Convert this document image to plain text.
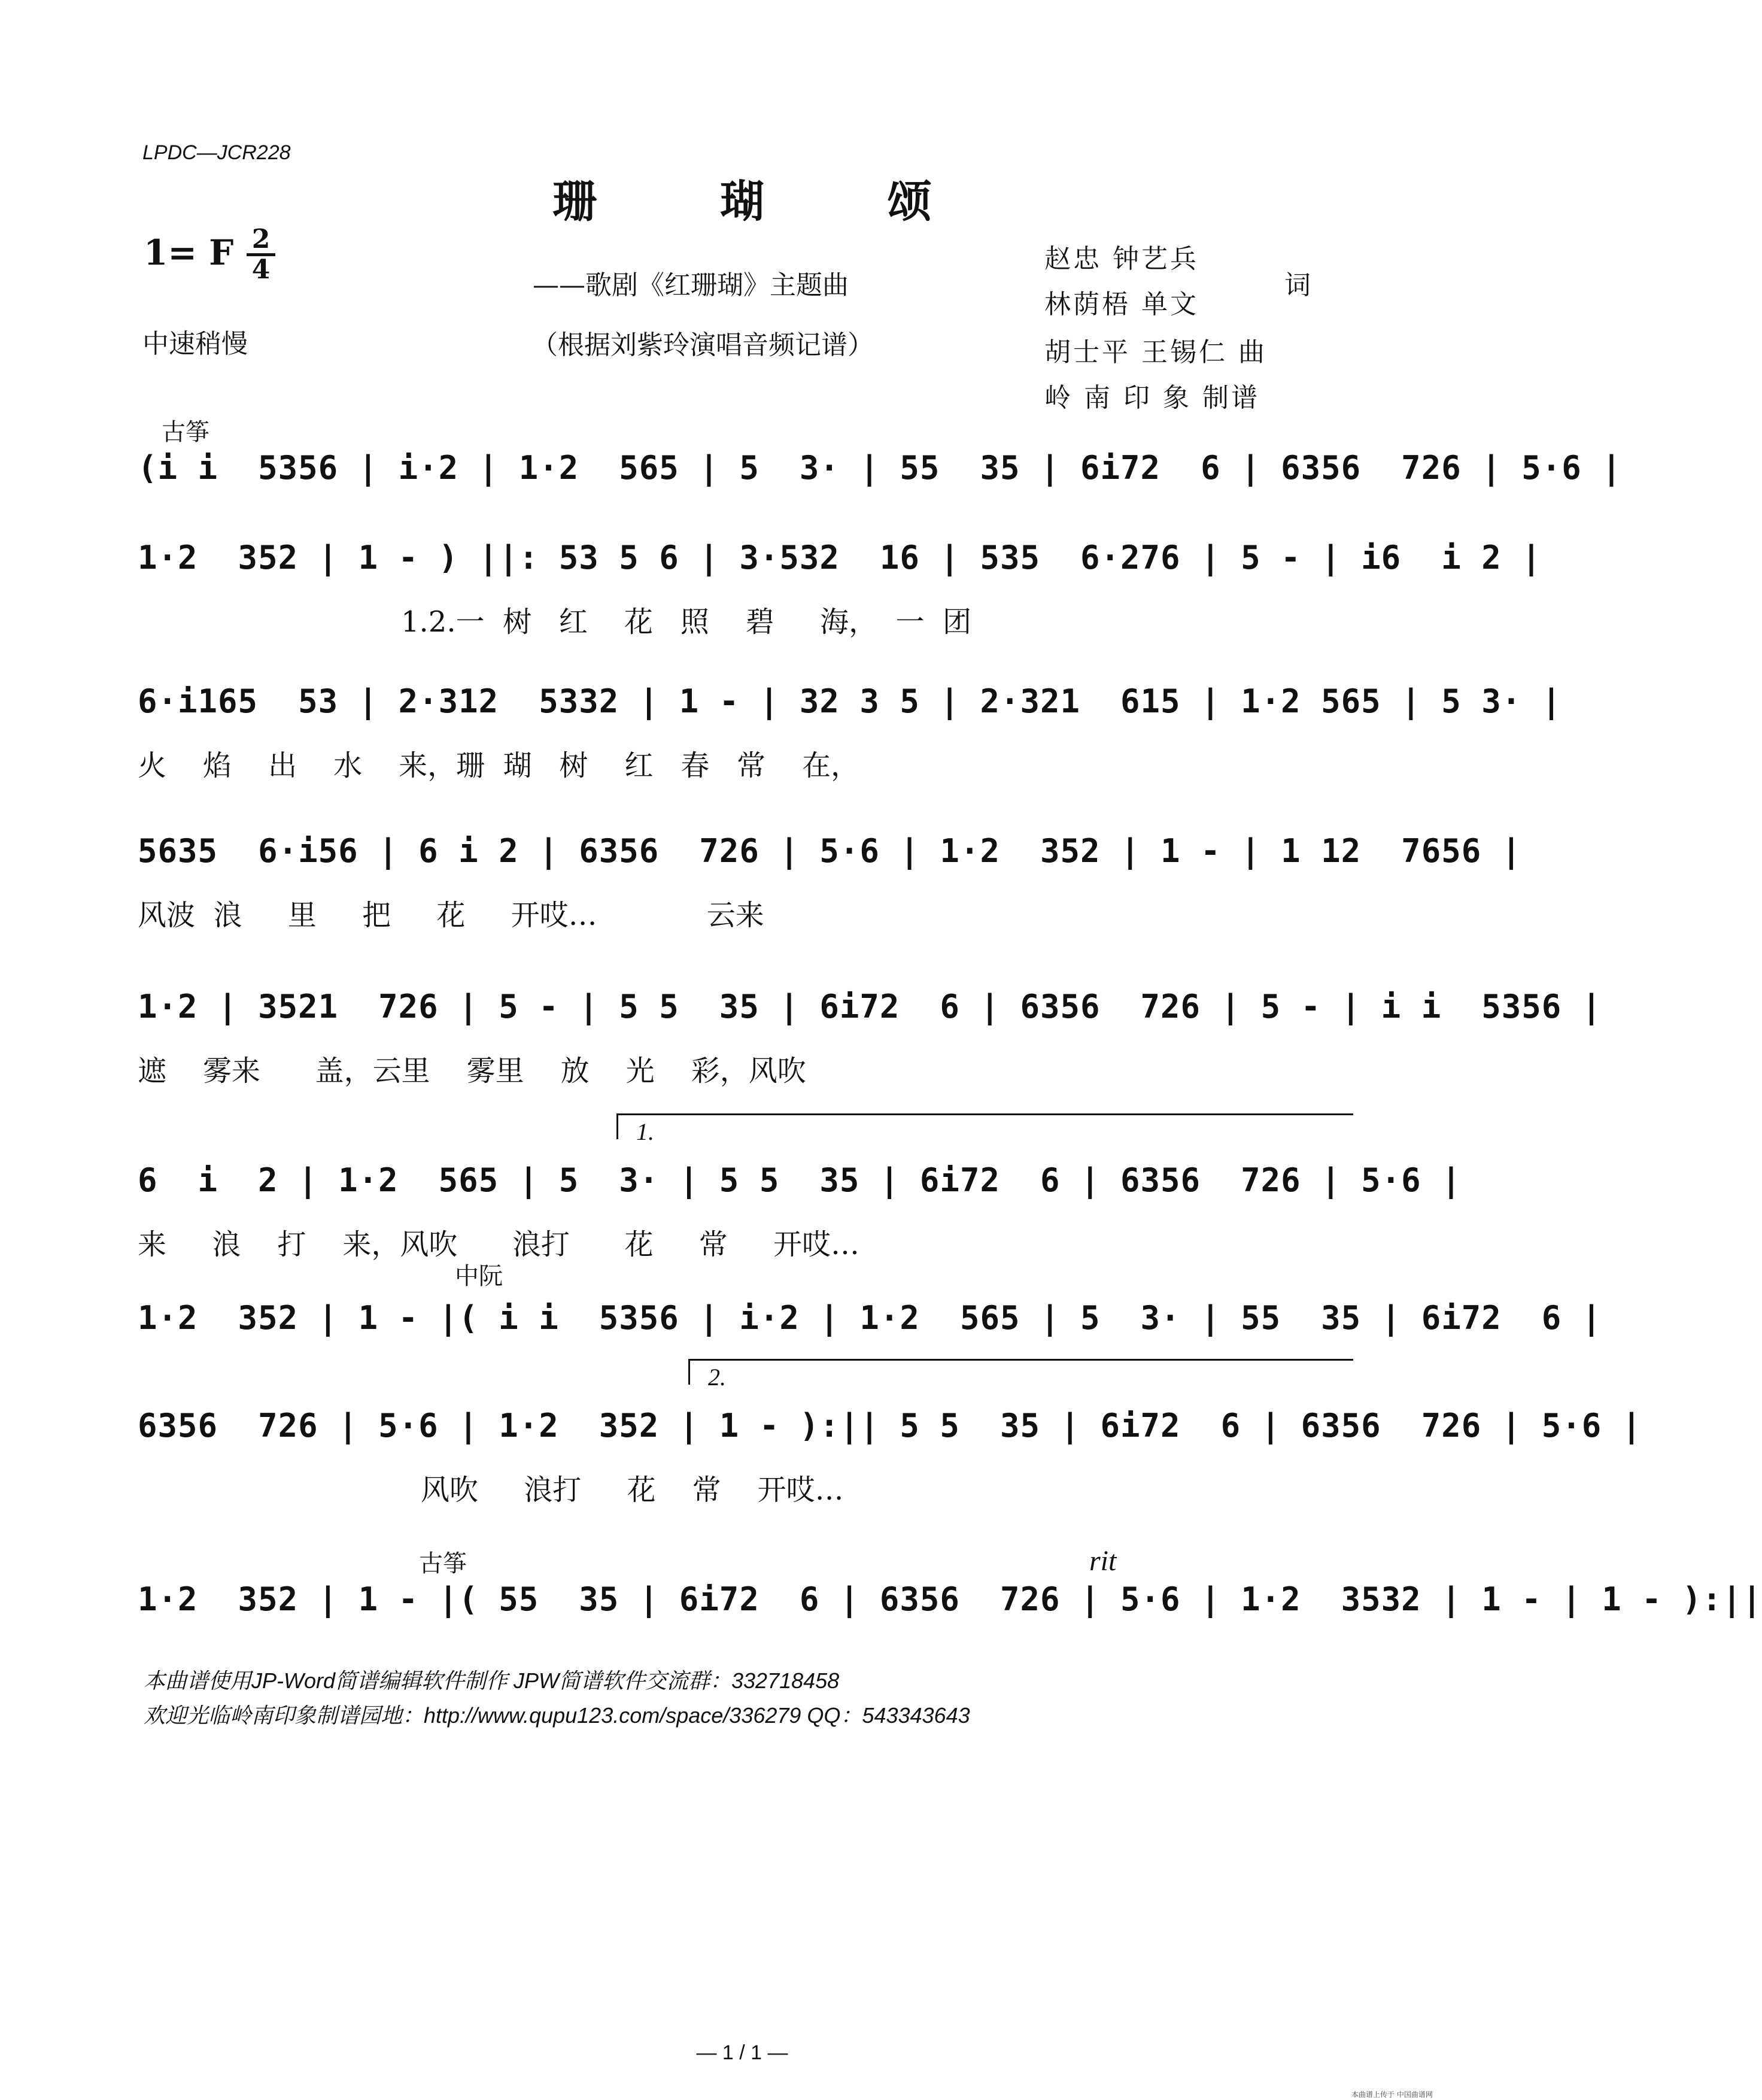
LPDC—JCR228
珊 瑚 颂
1= F 2
4
中速稍慢
——歌剧《红珊瑚》主题曲
（根据刘紫玲演唱音频记谱）
赵忠 钟艺兵
林荫梧 单文
词
胡士平 王锡仁 曲
岭 南 印 象 制谱
古筝
(i i  5356 | i·2 | 1·2  565 | 5  3· | 55  35 | 6i72  6 | 6356  726 | 5·6 |
1·2  352 | 1 - ) ||: 53 5 6 | 3·532  16 | 535  6·276 | 5 - | i6  i 2 |
1.2.一  树   红    花   照    碧     海，  一  团
6·i165  53 | 2·312  5332 | 1 - | 32 3 5 | 2·321  615 | 1·2 565 | 5 3· |
火    焰    出    水    来，珊  瑚   树    红   春   常    在，
5635  6·i56 | 6 i 2 | 6356  726 | 5·6 | 1·2  352 | 1 - | 1 12  7656 |
风波  浪     里     把     花     开哎…            云来
1·2 | 3521  726 | 5 - | 5 5  35 | 6i72  6 | 6356  726 | 5 - | i i  5356 |
遮    雾来      盖，云里    雾里    放    光    彩，风吹
1.
6  i  2 | 1·2  565 | 5  3· | 5 5  35 | 6i72  6 | 6356  726 | 5·6 |
来     浪    打    来，风吹      浪打      花     常     开哎…
中阮
1·2  352 | 1 - |( i i  5356 | i·2 | 1·2  565 | 5  3· | 55  35 | 6i72  6 |
2.
6356  726 | 5·6 | 1·2  352 | 1 - ):|| 5 5  35 | 6i72  6 | 6356  726 | 5·6 |
风吹     浪打     花    常    开哎…
古筝	rit
1·2  352 | 1 - |( 55  35 | 6i72  6 | 6356  726 | 5·6 | 1·2  3532 | 1 - | 1 - ):||
本曲谱使用JP-Word简谱编辑软件制作 JPW简谱软件交流群：332718458
欢迎光临岭南印象制谱园地：http://www.qupu123.com/space/336279 QQ：543343643
— 1 / 1 —
本曲谱上传于 中国曲谱网
